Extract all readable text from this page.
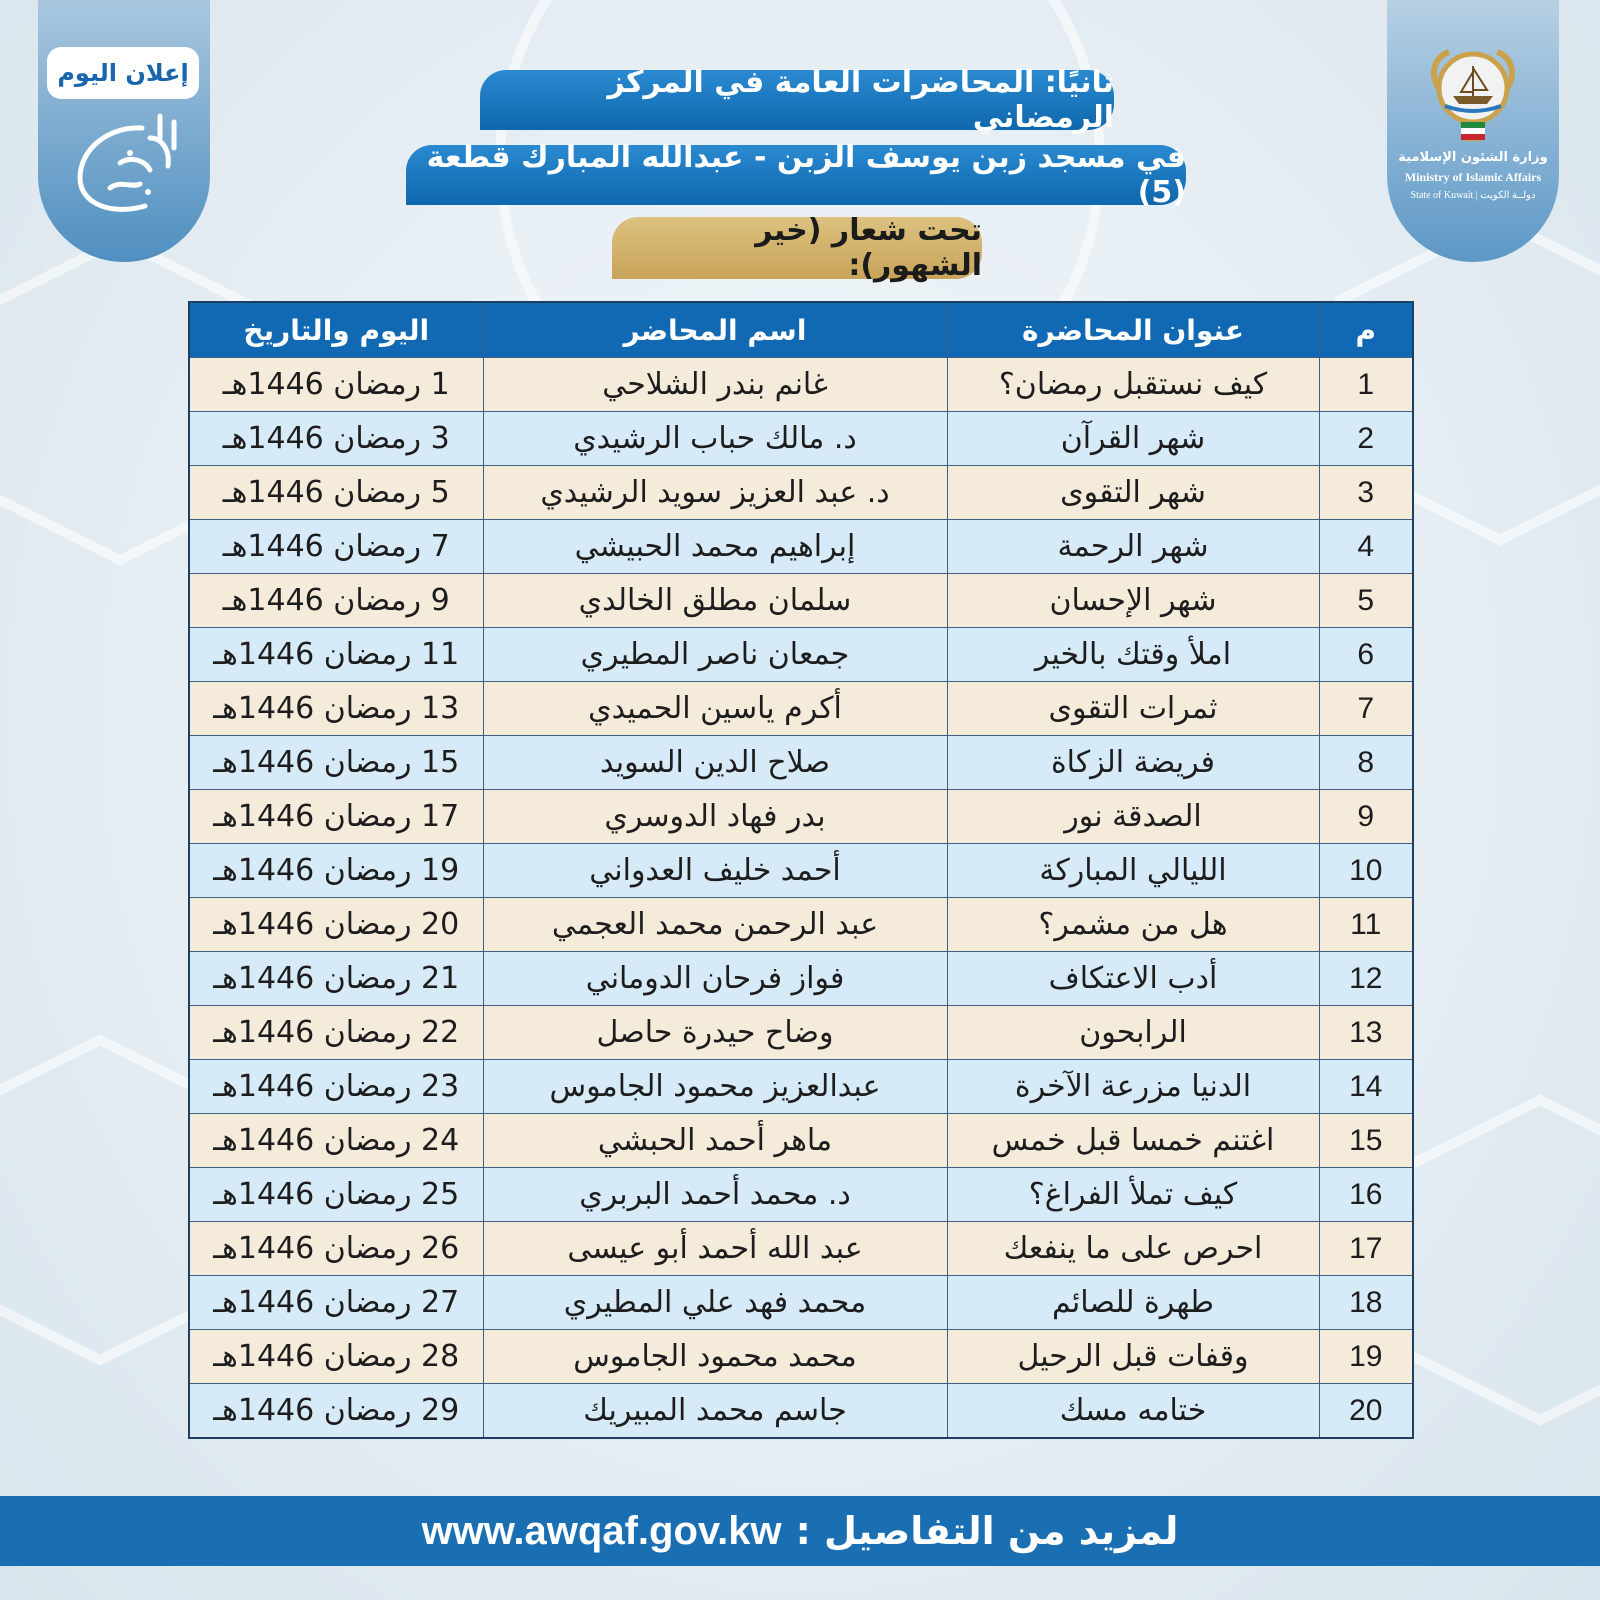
إعلان اليوم
وزارة الشئون الإسلامية
Ministry of Islamic Affairs
State of Kuwait | دولــة الكويت
ثانيًا: المحاضرات العامة في المركز الرمضاني
في مسجد زبن يوسف الزبن - عبدالله المبارك قطعة (5)
تحت شعار (خير الشهور):
م	عنوان المحاضرة	اسم المحاضر	اليوم والتاريخ
1	كيف نستقبل رمضان؟	غانم بندر الشلاحي	1 رمضان 1446هـ
2	شهر القرآن	د. مالك حباب الرشيدي	3 رمضان 1446هـ
3	شهر التقوى	د. عبد العزيز سويد الرشيدي	5 رمضان 1446هـ
4	شهر الرحمة	إبراهيم محمد الحبيشي	7 رمضان 1446هـ
5	شهر الإحسان	سلمان مطلق الخالدي	9 رمضان 1446هـ
6	املأ وقتك بالخير	جمعان ناصر المطيري	11 رمضان 1446هـ
7	ثمرات التقوى	أكرم ياسين الحميدي	13 رمضان 1446هـ
8	فريضة الزكاة	صلاح الدين السويد	15 رمضان 1446هـ
9	الصدقة نور	بدر فهاد الدوسري	17 رمضان 1446هـ
10	الليالي المباركة	أحمد خليف العدواني	19 رمضان 1446هـ
11	هل من مشمر؟	عبد الرحمن محمد العجمي	20 رمضان 1446هـ
12	أدب الاعتكاف	فواز فرحان الدوماني	21 رمضان 1446هـ
13	الرابحون	وضاح حيدرة حاصل	22 رمضان 1446هـ
14	الدنيا مزرعة الآخرة	عبدالعزيز محمود الجاموس	23 رمضان 1446هـ
15	اغتنم خمسا قبل خمس	ماهر أحمد الحبشي	24 رمضان 1446هـ
16	كيف تملأ الفراغ؟	د. محمد أحمد البربري	25 رمضان 1446هـ
17	احرص على ما ينفعك	عبد الله أحمد أبو عيسى	26 رمضان 1446هـ
18	طهرة للصائم	محمد فهد علي المطيري	27 رمضان 1446هـ
19	وقفات قبل الرحيل	محمد محمود الجاموس	28 رمضان 1446هـ
20	ختامه مسك	جاسم محمد المبيريك	29 رمضان 1446هـ
www.awqaf.gov.kw لمزيد من التفاصيل :
